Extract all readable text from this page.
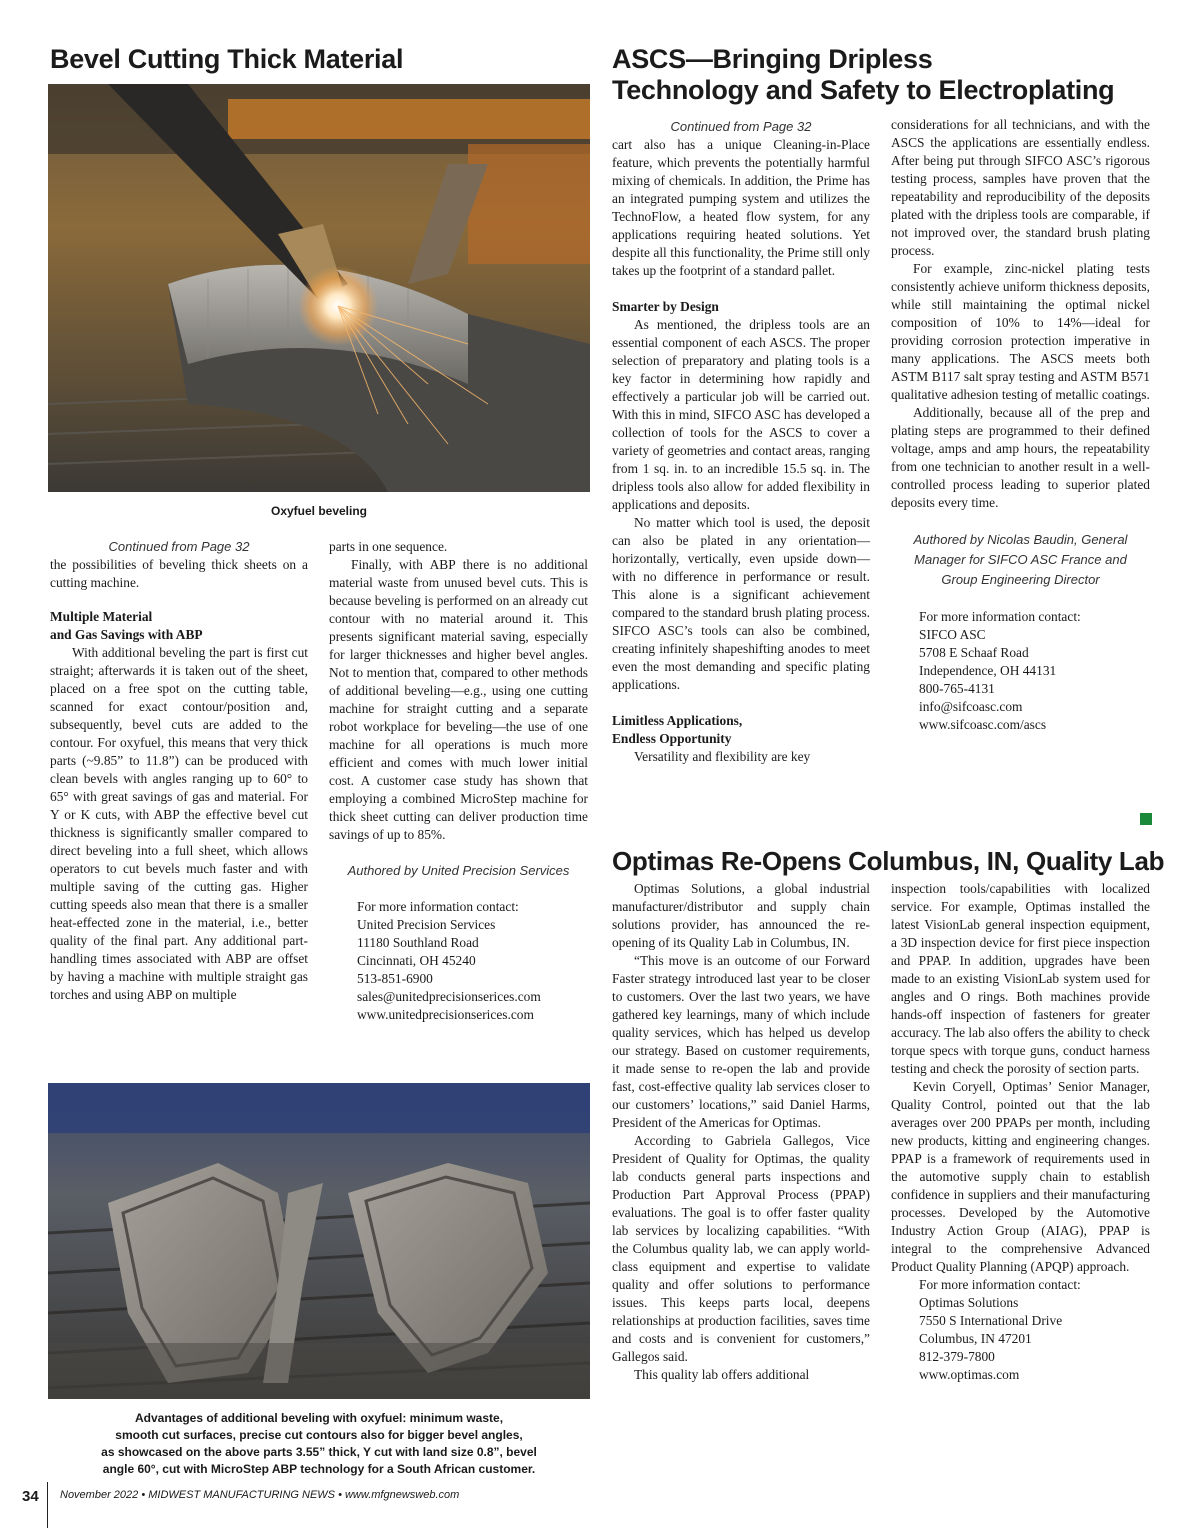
Bevel Cutting Thick Material
Oxyfuel beveling

Continued from Page 32

the possibilities of beveling thick sheets on a cutting machine.

Multiple Material
and Gas Savings with ABP

With additional beveling the part is first cut straight; afterwards it is taken out of the sheet, placed on a free spot on the cutting table, scanned for exact contour/position and, subsequently, bevel cuts are added to the contour. For oxyfuel, this means that very thick parts (~9.85” to 11.8”) can be produced with clean bevels with angles ranging up to 60° to 65° with great savings of gas and material. For Y or K cuts, with ABP the effective bevel cut thickness is significantly smaller compared to direct beveling into a full sheet, which allows operators to cut bevels much faster and with multiple saving of the cutting gas. Higher cutting speeds also mean that there is a smaller heat-effected zone in the material, i.e., better quality of the final part. Any additional part-handling times associated with ABP are offset by having a machine with multiple straight gas torches and using ABP on multiple

parts in one sequence.

Finally, with ABP there is no additional material waste from unused bevel cuts. This is because beveling is performed on an already cut contour with no material around it. This presents significant material saving, especially for larger thicknesses and higher bevel angles. Not to mention that, compared to other methods of additional beveling—e.g., using one cutting machine for straight cutting and a separate robot workplace for beveling—the use of one machine for all operations is much more efficient and comes with much lower initial cost. A customer case study has shown that employing a combined MicroStep machine for thick sheet cutting can deliver production time savings of up to 85%.

Authored by United Precision Services
For more information contact:
United Precision Services
11180 Southland Road
Cincinnati, OH 45240
513-851-6900
sales@unitedprecisionserices.com
www.unitedprecisionserices.com
Advantages of additional beveling with oxyfuel: minimum waste,
smooth cut surfaces, precise cut contours also for bigger bevel angles,
as showcased on the above parts 3.55” thick, Y cut with land size 0.8”, bevel
angle 60°, cut with MicroStep ABP technology for a South African customer.
ASCS—Bringing Dripless
Technology and Safety to Electroplating

Continued from Page 32

cart also has a unique Cleaning-in-Place feature, which prevents the potentially harmful mixing of chemicals. In addition, the Prime has an integrated pumping system and utilizes the TechnoFlow, a heated flow system, for any applications requiring heated solutions. Yet despite all this functionality, the Prime still only takes up the footprint of a standard pallet.

Smarter by Design

As mentioned, the dripless tools are an essential component of each ASCS. The proper selection of preparatory and plating tools is a key factor in determining how rapidly and effectively a particular job will be carried out. With this in mind, SIFCO ASC has developed a collection of tools for the ASCS to cover a variety of geometries and contact areas, ranging from 1 sq. in. to an incredible 15.5 sq. in. The dripless tools also allow for added flexibility in applications and deposits.

No matter which tool is used, the deposit can also be plated in any orientation—horizontally, vertically, even upside down—with no difference in performance or result. This alone is a significant achievement compared to the standard brush plating process. SIFCO ASC’s tools can also be combined, creating infinitely shapeshifting anodes to meet even the most demanding and specific plating applications.

Limitless Applications,
Endless Opportunity

Versatility and flexibility are key

considerations for all technicians, and with the ASCS the applications are essentially endless. After being put through SIFCO ASC’s rigorous testing process, samples have proven that the repeatability and reproducibility of the deposits plated with the dripless tools are comparable, if not improved over, the standard brush plating process.

For example, zinc-nickel plating tests consistently achieve uniform thickness deposits, while still maintaining the optimal nickel composition of 10% to 14%—ideal for providing corrosion protection imperative in many applications. The ASCS meets both ASTM B117 salt spray testing and ASTM B571 qualitative adhesion testing of metallic coatings.

Additionally, because all of the prep and plating steps are programmed to their defined voltage, amps and amp hours, the repeatability from one technician to another result in a well-controlled process leading to superior plated deposits every time.

Authored by Nicolas Baudin, General
Manager for SIFCO ASC France and
Group Engineering Director
For more information contact:
SIFCO ASC
5708 E Schaaf Road
Independence, OH 44131
800-765-4131
info@sifcoasc.com
www.sifcoasc.com/ascs
Optimas Re-Opens Columbus, IN, Quality Lab

Optimas Solutions, a global industrial manufacturer/distributor and supply chain solutions provider, has announced the re-opening of its Quality Lab in Columbus, IN.

“This move is an outcome of our Forward Faster strategy introduced last year to be closer to customers. Over the last two years, we have gathered key learnings, many of which include quality services, which has helped us develop our strategy. Based on customer requirements, it made sense to re-open the lab and provide fast, cost-effective quality lab services closer to our customers’ locations,” said Daniel Harms, President of the Americas for Optimas.

According to Gabriela Gallegos, Vice President of Quality for Optimas, the quality lab conducts general parts inspections and Production Part Approval Process (PPAP) evaluations. The goal is to offer faster quality lab services by localizing capabilities. “With the Columbus quality lab, we can apply world-class equipment and expertise to validate quality and offer solutions to performance issues. This keeps parts local, deepens relationships at production facilities, saves time and costs and is convenient for customers,” Gallegos said.

This quality lab offers additional

inspection tools/capabilities with localized service. For example, Optimas installed the latest VisionLab general inspection equipment, a 3D inspection device for first piece inspection and PPAP. In addition, upgrades have been made to an existing VisionLab system used for angles and O rings. Both machines provide hands-off inspection of fasteners for greater accuracy. The lab also offers the ability to check torque specs with torque guns, conduct harness testing and check the porosity of section parts.

Kevin Coryell, Optimas’ Senior Manager, Quality Control, pointed out that the lab averages over 200 PPAPs per month, including new products, kitting and engineering changes. PPAP is a framework of requirements used in the automotive supply chain to establish confidence in suppliers and their manufacturing processes. Developed by the Automotive Industry Action Group (AIAG), PPAP is integral to the comprehensive Advanced Product Quality Planning (APQP) approach.

For more information contact:
Optimas Solutions
7550 S International Drive
Columbus, IN 47201
812-379-7800
www.optimas.com
34 November 2022 • MIDWEST MANUFACTURING NEWS • www.mfgnewsweb.com
